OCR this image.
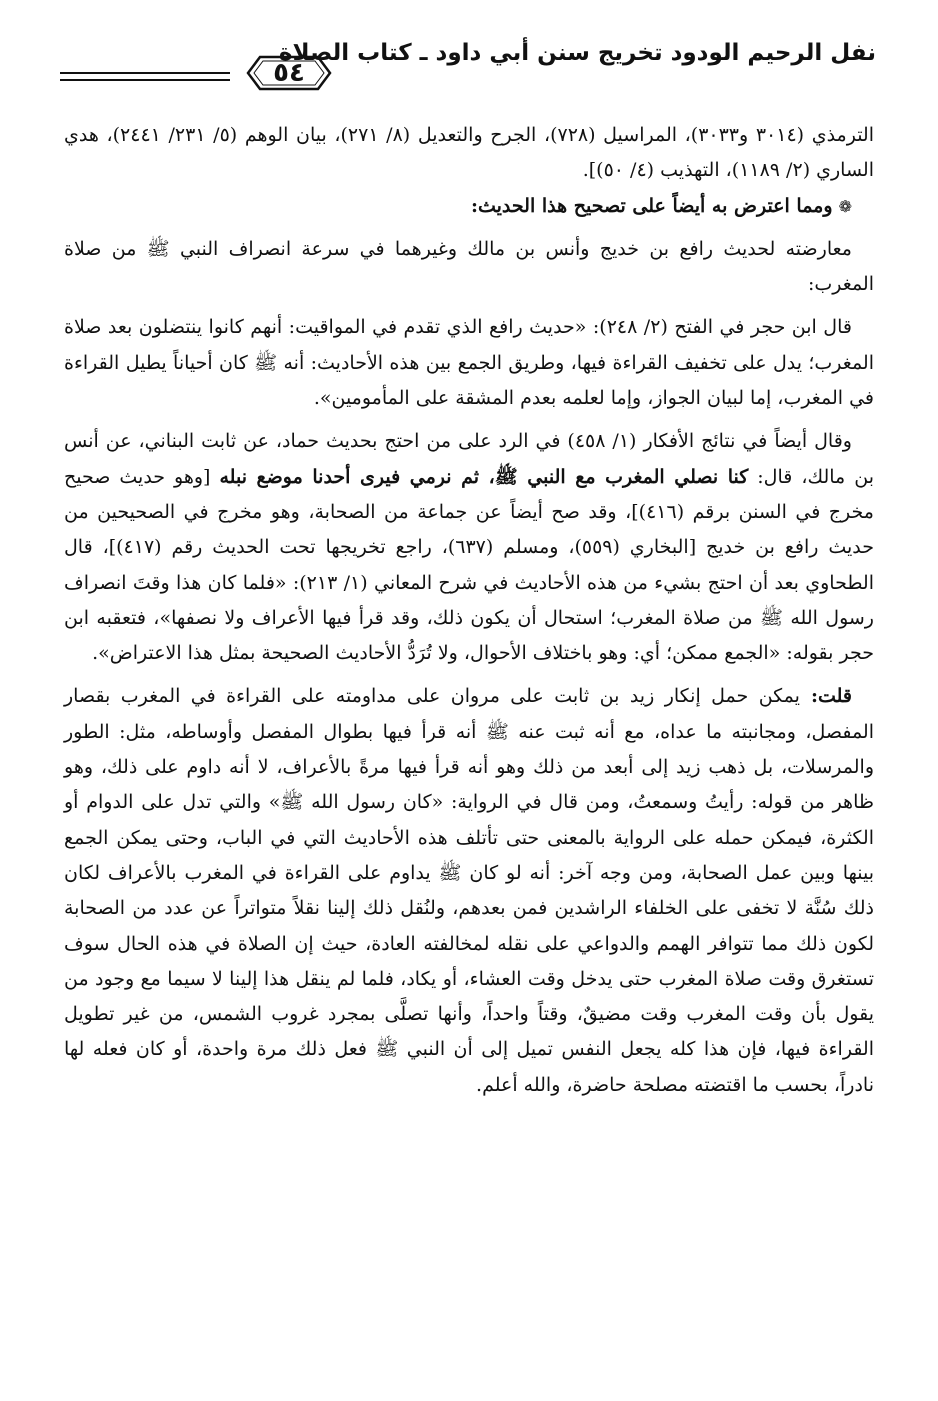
نفل الرحيم الودود تخريج سنن أبي داود ـ كتاب الصلاة
٥٤

الترمذي (٣٠١٤ و٣٠٣٣)، المراسيل (٧٢٨)، الجرح والتعديل (٨/ ٢٧١)، بيان الوهم (٥/ ٢٣١/ ٢٤٤١)، هدي الساري (٢/ ١١٨٩)، التهذيب (٤/ ٥٠)].

❁ ومما اعترض به أيضاً على تصحيح هذا الحديث:

معارضته لحديث رافع بن خديج وأنس بن مالك وغيرهما في سرعة انصراف النبي ﷺ من صلاة المغرب:

قال ابن حجر في الفتح (٢/ ٢٤٨): «حديث رافع الذي تقدم في المواقيت: أنهم كانوا ينتضلون بعد صلاة المغرب؛ يدل على تخفيف القراءة فيها، وطريق الجمع بين هذه الأحاديث: أنه ﷺ كان أحياناً يطيل القراءة في المغرب، إما لبيان الجواز، وإما لعلمه بعدم المشقة على المأمومين».

وقال أيضاً في نتائج الأفكار (١/ ٤٥٨) في الرد على من احتج بحديث حماد، عن ثابت البناني، عن أنس بن مالك، قال: كنا نصلي المغرب مع النبي ﷺ، ثم نرمي فيرى أحدنا موضع نبله [وهو حديث صحيح مخرج في السنن برقم (٤١٦)]، وقد صح أيضاً عن جماعة من الصحابة، وهو مخرج في الصحيحين من حديث رافع بن خديج [البخاري (٥٥٩)، ومسلم (٦٣٧)، راجع تخريجها تحت الحديث رقم (٤١٧)]، قال الطحاوي بعد أن احتج بشيء من هذه الأحاديث في شرح المعاني (١/ ٢١٣): «فلما كان هذا وقتَ انصراف رسول الله ﷺ من صلاة المغرب؛ استحال أن يكون ذلك، وقد قرأ فيها الأعراف ولا نصفها»، فتعقبه ابن حجر بقوله: «الجمع ممكن؛ أي: وهو باختلاف الأحوال، ولا تُرَدُّ الأحاديث الصحيحة بمثل هذا الاعتراض».

قلت: يمكن حمل إنكار زيد بن ثابت على مروان على مداومته على القراءة في المغرب بقصار المفصل، ومجانبته ما عداه، مع أنه ثبت عنه ﷺ أنه قرأ فيها بطوال المفصل وأوساطه، مثل: الطور والمرسلات، بل ذهب زيد إلى أبعد من ذلك وهو أنه قرأ فيها مرةً بالأعراف، لا أنه داوم على ذلك، وهو ظاهر من قوله: رأيتُ وسمعتُ، ومن قال في الرواية: «كان رسول الله ﷺ» والتي تدل على الدوام أو الكثرة، فيمكن حمله على الرواية بالمعنى حتى تأتلف هذه الأحاديث التي في الباب، وحتى يمكن الجمع بينها وبين عمل الصحابة، ومن وجه آخر: أنه لو كان ﷺ يداوم على القراءة في المغرب بالأعراف لكان ذلك سُنَّة لا تخفى على الخلفاء الراشدين فمن بعدهم، ولنُقل ذلك إلينا نقلاً متواتراً عن عدد من الصحابة لكون ذلك مما تتوافر الهمم والدواعي على نقله لمخالفته العادة، حيث إن الصلاة في هذه الحال سوف تستغرق وقت صلاة المغرب حتى يدخل وقت العشاء، أو يكاد، فلما لم ينقل هذا إلينا لا سيما مع وجود من يقول بأن وقت المغرب وقت مضيقٌ، وقتاً واحداً، وأنها تصلَّى بمجرد غروب الشمس، من غير تطويل القراءة فيها، فإن هذا كله يجعل النفس تميل إلى أن النبي ﷺ فعل ذلك مرة واحدة، أو كان فعله لها نادراً، بحسب ما اقتضته مصلحة حاضرة، والله أعلم.
